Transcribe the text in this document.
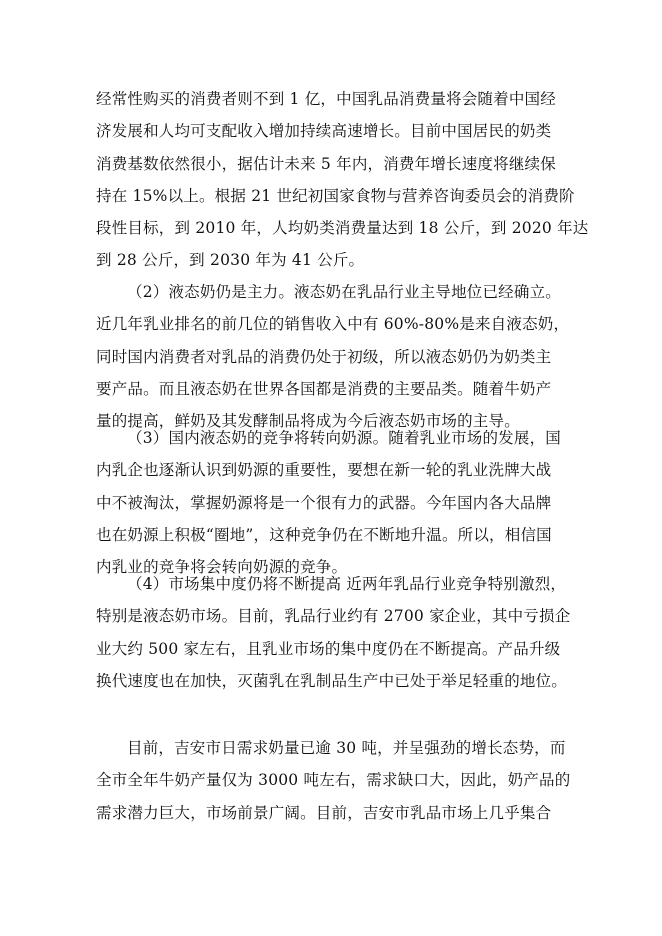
经常性购买的消费者则不到 1 亿，中国乳品消费量将会随着中国经
济发展和人均可支配收入增加持续高速增长。目前中国居民的奶类
消费基数依然很小，据估计未来 5 年内，消费年增长速度将继续保
持在 15%以上。根据 21 世纪初国家食物与营养咨询委员会的消费阶
段性目标，到 2010 年，人均奶类消费量达到 18 公斤，到 2020 年达
到 28 公斤，到 2030 年为 41 公斤。
（2）液态奶仍是主力。液态奶在乳品行业主导地位已经确立。
近几年乳业排名的前几位的销售收入中有 60%-80%是来自液态奶，
同时国内消费者对乳品的消费仍处于初级，所以液态奶仍为奶类主
要产品。而且液态奶在世界各国都是消费的主要品类。随着牛奶产
量的提高，鲜奶及其发酵制品将成为今后液态奶市场的主导。
（3）国内液态奶的竞争将转向奶源。随着乳业市场的发展，国
内乳企也逐渐认识到奶源的重要性，要想在新一轮的乳业洗牌大战
中不被淘汰，掌握奶源将是一个很有力的武器。今年国内各大品牌
也在奶源上积极“圈地”，这种竞争仍在不断地升温。所以，相信国
内乳业的竞争将会转向奶源的竞争。
（4）市场集中度仍将不断提高 近两年乳品行业竞争特别激烈，
特别是液态奶市场。目前，乳品行业约有 2700 家企业，其中亏损企
业大约 500 家左右，且乳业市场的集中度仍在不断提高。产品升级
换代速度也在加快，灭菌乳在乳制品生产中已处于举足轻重的地位。
目前，吉安市日需求奶量已逾 30 吨，并呈强劲的增长态势，而
全市全年牛奶产量仅为 3000 吨左右，需求缺口大，因此，奶产品的
需求潜力巨大，市场前景广阔。目前，吉安市乳品市场上几乎集合
